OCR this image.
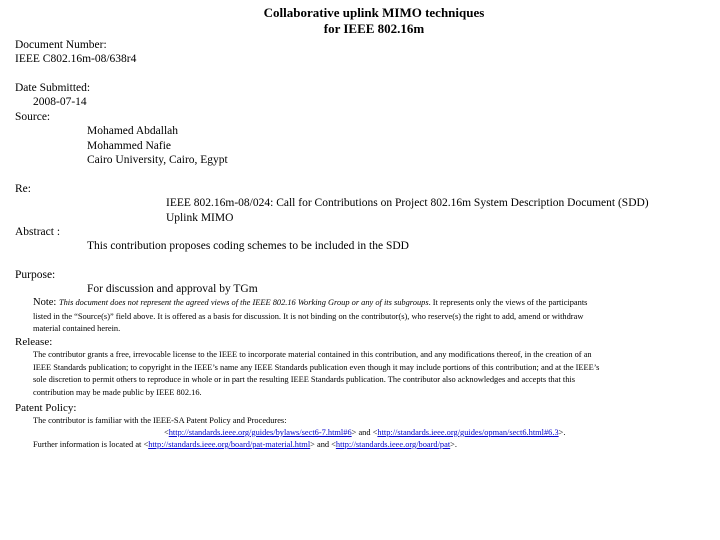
Collaborative uplink MIMO techniques
for IEEE 802.16m
Document Number:
IEEE C802.16m-08/638r4
Date Submitted:
2008-07-14
Source:
Mohamed Abdallah
Mohammed Nafie
Cairo University, Cairo, Egypt
Re:
IEEE 802.16m-08/024: Call for Contributions on Project 802.16m System Description Document (SDD)
Uplink MIMO
Abstract :
This contribution proposes coding schemes to be included in the SDD
Purpose:
For discussion and approval by TGm
Note: This document does not represent the agreed views of the IEEE 802.16 Working Group or any of its subgroups. It represents only the views of the participants
listed in the “Source(s)” field above. It is offered as a basis for discussion. It is not binding on the contributor(s), who reserve(s) the right to add, amend or withdraw
material contained herein.
Release:
The contributor grants a free, irrevocable license to the IEEE to incorporate material contained in this contribution, and any modifications thereof, in the creation of an
IEEE Standards publication; to copyright in the IEEE’s name any IEEE Standards publication even though it may include portions of this contribution; and at the IEEE’s
sole discretion to permit others to reproduce in whole or in part the resulting IEEE Standards publication. The contributor also acknowledges and accepts that this
contribution may be made public by IEEE 802.16.
Patent Policy:
The contributor is familiar with the IEEE-SA Patent Policy and Procedures:
<http://standards.ieee.org/guides/bylaws/sect6-7.html#6> and <http://standards.ieee.org/guides/opman/sect6.html#6.3>.
Further information is located at <http://standards.ieee.org/board/pat-material.html> and <http://standards.ieee.org/board/pat>.
